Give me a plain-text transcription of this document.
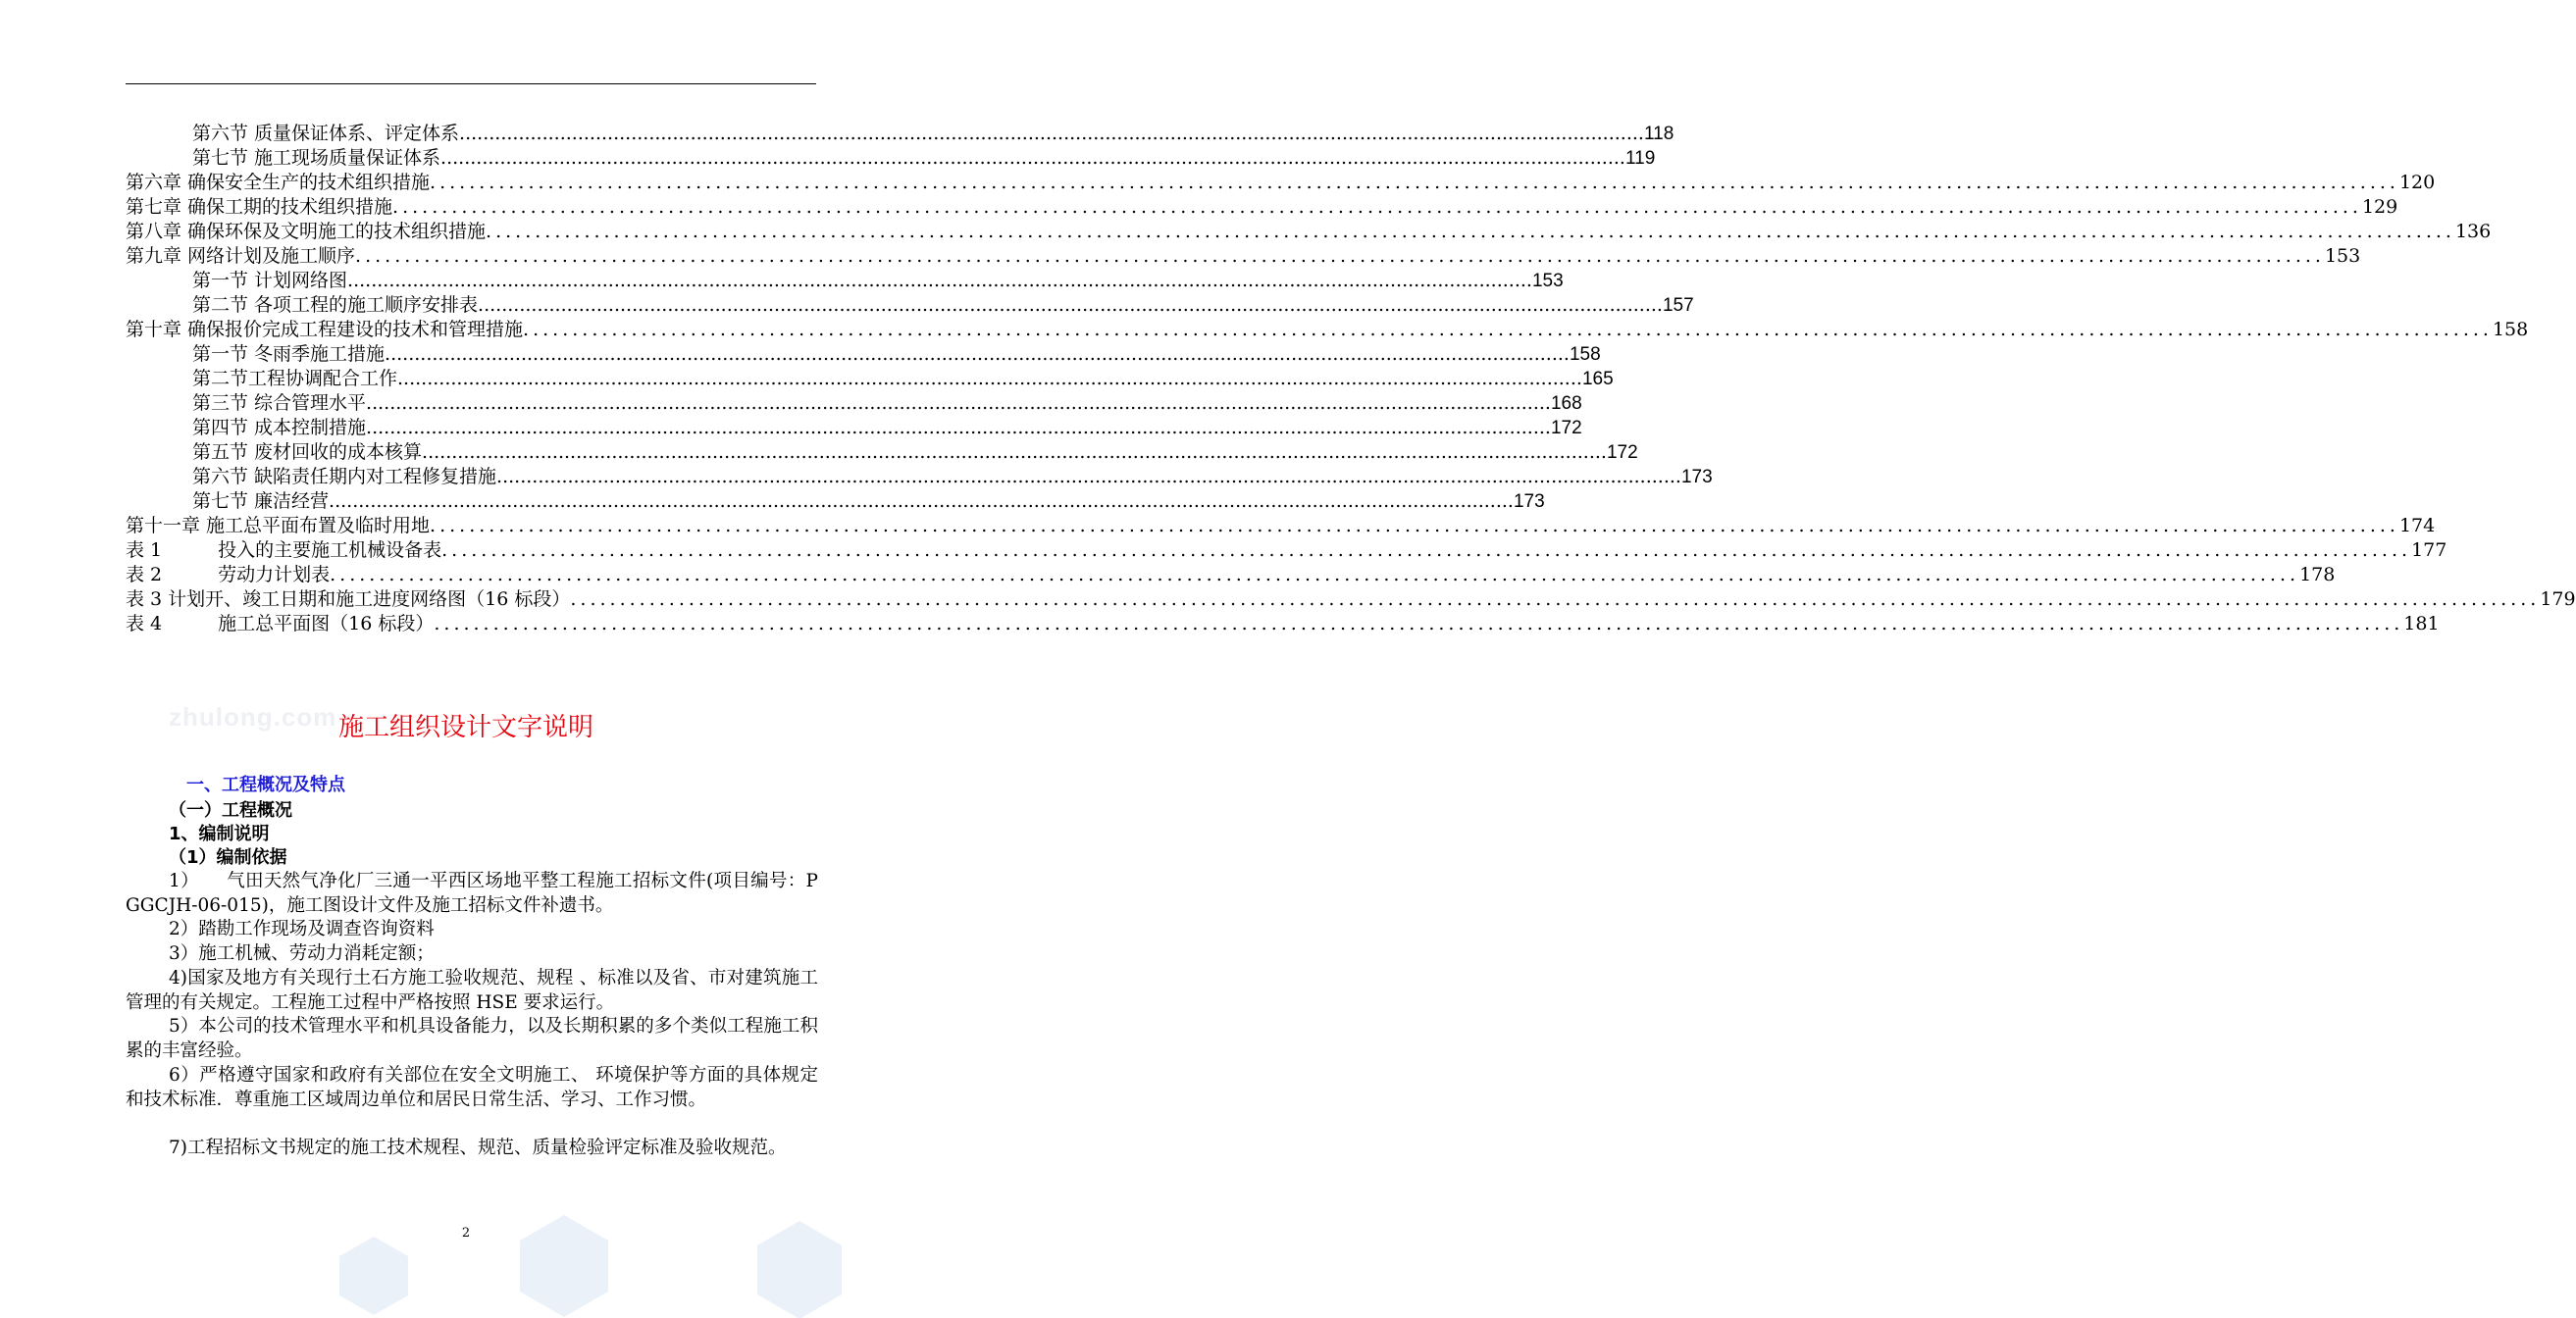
第六节 质量保证体系、评定体系 ........................................................................................................................................................................................................ 118
第七节 施工现场质量保证体系 ........................................................................................................................................................................................................ 119
第六章 确保安全生产的技术组织措施 ........................................................................................................................................................................................................ 120
第七章 确保工期的技术组织措施 ........................................................................................................................................................................................................ 129
第八章 确保环保及文明施工的技术组织措施 ........................................................................................................................................................................................................ 136
第九章 网络计划及施工顺序 ........................................................................................................................................................................................................ 153
第一节 计划网络图 ........................................................................................................................................................................................................ 153
第二节 各项工程的施工顺序安排表 ........................................................................................................................................................................................................ 157
第十章 确保报价完成工程建设的技术和管理措施 ........................................................................................................................................................................................................ 158
第一节 冬雨季施工措施 ........................................................................................................................................................................................................ 158
第二节工程协调配合工作 ........................................................................................................................................................................................................ 165
第三节 综合管理水平 ........................................................................................................................................................................................................ 168
第四节 成本控制措施 ........................................................................................................................................................................................................ 172
第五节 废材回收的成本核算 ........................................................................................................................................................................................................ 172
第六节 缺陷责任期内对工程修复措施 ........................................................................................................................................................................................................ 173
第七节 廉洁经营 ........................................................................................................................................................................................................ 173
第十一章 施工总平面布置及临时用地 ........................................................................................................................................................................................................ 174
表 1　　　投入的主要施工机械设备表 ........................................................................................................................................................................................................ 177
表 2　　　劳动力计划表 ........................................................................................................................................................................................................ 178
表 3 计划开、竣工日期和施工进度网络图（16 标段） ........................................................................................................................................................................................................ 179
表 4　　　施工总平面图（16 标段） ........................................................................................................................................................................................................ 181
zhulong.com 施工组织设计文字说明
一、工程概况及特点
（一）工程概况
1、编制说明
（1）编制依据
1）　　气田天然气净化厂三通一平西区场地平整工程施工招标文件(项目编号：PGGCJH-06-015)，施工图设计文件及施工招标文件补遗书。
2）踏勘工作现场及调查咨询资料
3）施工机械、劳动力消耗定额；
4)国家及地方有关现行土石方施工验收规范、规程 、标准以及省、市对建筑施工管理的有关规定。工程施工过程中严格按照 HSE 要求运行。
5）本公司的技术管理水平和机具设备能力，以及长期积累的多个类似工程施工积累的丰富经验。
6）严格遵守国家和政府有关部位在安全文明施工、 环境保护等方面的具体规定和技术标准．尊重施工区域周边单位和居民日常生活、学习、工作习惯。
7)工程招标文书规定的施工技术规程、规范、质量检验评定标准及验收规范。
2
